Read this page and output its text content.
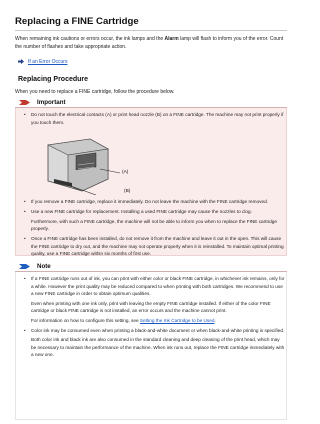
Replacing a FINE Cartridge
When remaining ink cautions or errors occur, the ink lamps and the Alarm lamp will flash to inform you of the error. Count the number of flashes and take appropriate action.
If an Error Occurs
Replacing Procedure
When you need to replace a FINE cartridge, follow the procedure below.
Important
• Do not touch the electrical contacts (A) or print head nozzle (B) on a FINE cartridge. The machine may not print properly if you touch them.

(A)
(B)
• If you remove a FINE cartridge, replace it immediately. Do not leave the machine with the FINE cartridge removed.

• Use a new FINE cartridge for replacement. Installing a used FINE cartridge may cause the nozzles to clog.

Furthermore, with such a FINE cartridge, the machine will not be able to inform you when to replace the FINE cartridge properly.

• Once a FINE cartridge has been installed, do not remove it from the machine and leave it out in the open. This will cause the FINE cartridge to dry out, and the machine may not operate properly when it is reinstalled. To maintain optimal printing quality, use a FINE cartridge within six months of first use.

Note
• If a FINE cartridge runs out of ink, you can print with either color or black FINE cartridge, in whichever ink remains, only for a while. However the print quality may be reduced compared to when printing with both cartridges. We recommend to use a new FINE cartridge in order to obtain optimum qualities.

Even when printing with one ink only, print with leaving the empty FINE cartridge installed. If either of the color FINE cartridge or black FINE cartridge is not installed, an error occurs and the machine cannot print.

For information on how to configure this setting, see Setting the Ink Cartridge to be Used.

• Color ink may be consumed even when printing a black-and-white document or when black-and-white printing is specified.

Both color ink and black ink are also consumed in the standard cleaning and deep cleaning of the print head, which may be necessary to maintain the performance of the machine. When ink runs out, replace the FINE cartridge immediately with a new one.
